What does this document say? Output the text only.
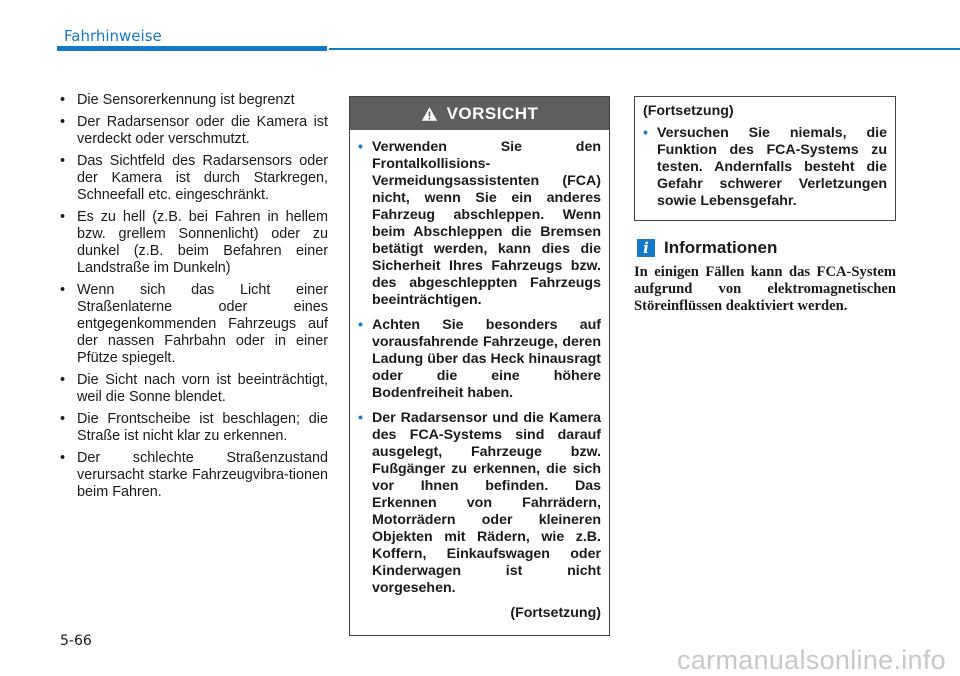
Fahrhinweise
• Die Sensorerkennung ist begrenzt
• Der Radarsensor oder die Kamera ist verdeckt oder verschmutzt.
• Das Sichtfeld des Radarsensors oder der Kamera ist durch Starkregen, Schneefall etc. eingeschränkt.
• Es zu hell (z.B. bei Fahren in hellem bzw. grellem Sonnenlicht) oder zu dunkel (z.B. beim Befahren einer Landstraße im Dunkeln)
• Wenn sich das Licht einer Straßenlaterne oder eines entgegenkommenden Fahrzeugs auf der nassen Fahrbahn oder in einer Pfütze spiegelt.
• Die Sicht nach vorn ist beeinträchtigt, weil die Sonne blendet.
• Die Frontscheibe ist beschlagen; die Straße ist nicht klar zu erkennen.
• Der schlechte Straßenzustand verursacht starke Fahrzeugvibra-tionen beim Fahren.
VORSICHT
• Verwenden Sie den Frontalkollisions-Vermeidungsassistenten (FCA) nicht, wenn Sie ein anderes Fahrzeug abschleppen. Wenn beim Abschleppen die Bremsen betätigt werden, kann dies die Sicherheit Ihres Fahrzeugs bzw. des abgeschleppten Fahrzeugs beeinträchtigen.
• Achten Sie besonders auf vorausfahrende Fahrzeuge, deren Ladung über das Heck hinausragt oder die eine höhere Bodenfreiheit haben.
• Der Radarsensor und die Kamera des FCA-Systems sind darauf ausgelegt, Fahrzeuge bzw. Fußgänger zu erkennen, die sich vor Ihnen befinden. Das Erkennen von Fahrrädern, Motorrädern oder kleineren Objekten mit Rädern, wie z.B. Koffern, Einkaufswagen oder Kinderwagen ist nicht vorgesehen.
(Fortsetzung)
(Fortsetzung)
• Versuchen Sie niemals, die Funktion des FCA-Systems zu testen. Andernfalls besteht die Gefahr schwerer Verletzungen sowie Lebensgefahr.
i Informationen
In einigen Fällen kann das FCA-System aufgrund von elektromagnetischen Störeinflüssen deaktiviert werden.
5-66
carmanualsonline.info
